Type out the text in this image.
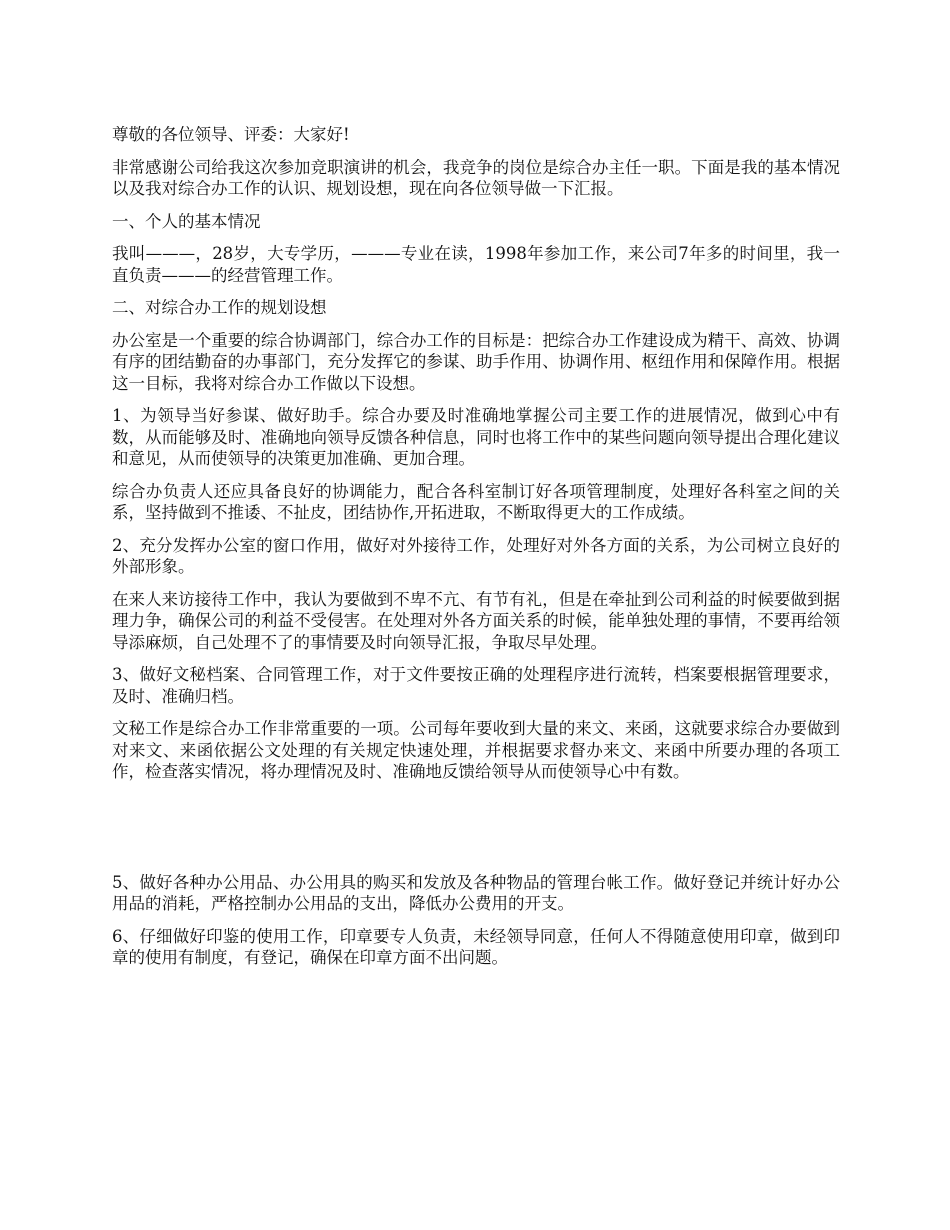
尊敬的各位领导、评委：大家好!

非常感谢公司给我这次参加竞职演讲的机会，我竞争的岗位是综合办主任一职。下面是我的基本情况以及我对综合办工作的认识、规划设想，现在向各位领导做一下汇报。

一、个人的基本情况

我叫———，28岁，大专学历，———专业在读，1998年参加工作，来公司7年多的时间里，我一直负责———的经营管理工作。

二、对综合办工作的规划设想

办公室是一个重要的综合协调部门，综合办工作的目标是：把综合办工作建设成为精干、高效、协调有序的团结勤奋的办事部门，充分发挥它的参谋、助手作用、协调作用、枢纽作用和保障作用。根据这一目标，我将对综合办工作做以下设想。

1、为领导当好参谋、做好助手。综合办要及时准确地掌握公司主要工作的进展情况，做到心中有数，从而能够及时、准确地向领导反馈各种信息，同时也将工作中的某些问题向领导提出合理化建议和意见，从而使领导的决策更加准确、更加合理。

综合办负责人还应具备良好的协调能力，配合各科室制订好各项管理制度，处理好各科室之间的关系，坚持做到不推诿、不扯皮，团结协作,开拓进取，不断取得更大的工作成绩。

2、充分发挥办公室的窗口作用，做好对外接待工作，处理好对外各方面的关系，为公司树立良好的外部形象。

在来人来访接待工作中，我认为要做到不卑不亢、有节有礼，但是在牵扯到公司利益的时候要做到据理力争，确保公司的利益不受侵害。在处理对外各方面关系的时候，能单独处理的事情，不要再给领导添麻烦，自己处理不了的事情要及时向领导汇报，争取尽早处理。

3、做好文秘档案、合同管理工作，对于文件要按正确的处理程序进行流转，档案要根据管理要求，及时、准确归档。

文秘工作是综合办工作非常重要的一项。公司每年要收到大量的来文、来函，这就要求综合办要做到对来文、来函依据公文处理的有关规定快速处理，并根据要求督办来文、来函中所要办理的各项工作，检查落实情况，将办理情况及时、准确地反馈给领导从而使领导心中有数。

5、做好各种办公用品、办公用具的购买和发放及各种物品的管理台帐工作。做好登记并统计好办公用品的消耗，严格控制办公用品的支出，降低办公费用的开支。

6、仔细做好印鉴的使用工作，印章要专人负责，未经领导同意，任何人不得随意使用印章，做到印章的使用有制度，有登记，确保在印章方面不出问题。
